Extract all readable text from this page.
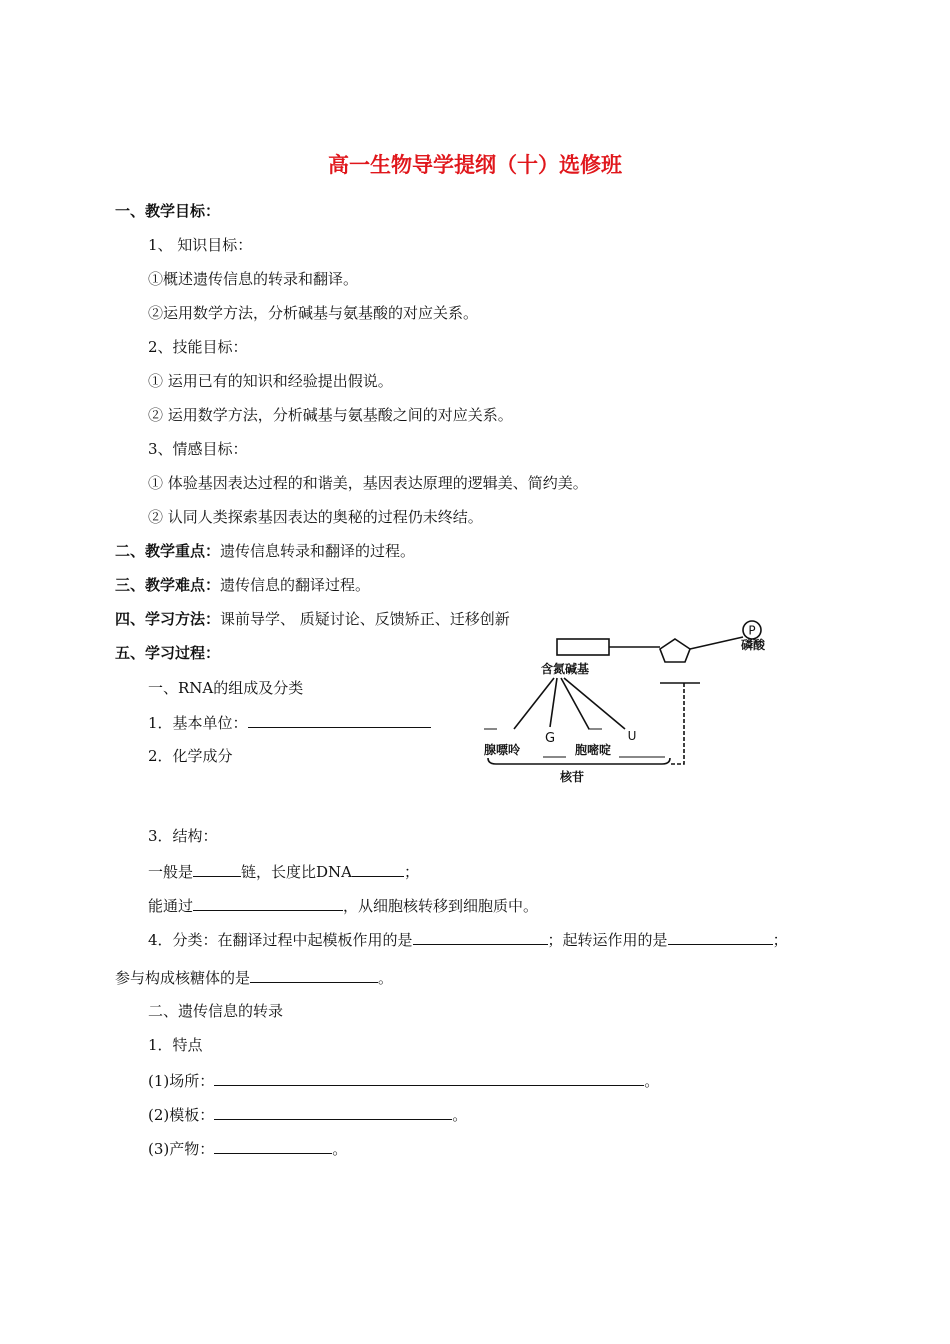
高一生物导学提纲（十）选修班
一、教学目标：
1、 知识目标：
①概述遗传信息的转录和翻译。
②运用数学方法，分析碱基与氨基酸的对应关系。
2、技能目标：
① 运用已有的知识和经验提出假说。
② 运用数学方法，分析碱基与氨基酸之间的对应关系。
3、情感目标：
① 体验基因表达过程的和谐美，基因表达原理的逻辑美、简约美。
② 认同人类探索基因表达的奥秘的过程仍未终结。
二、教学重点：遗传信息转录和翻译的过程。
三、教学难点：遗传信息的翻译过程。
四、学习方法：课前导学、 质疑讨论、反馈矫正、迁移创新
五、学习过程：
一、RNA的组成及分类
1．基本单位：
2．化学成分
3．结构：
一般是	链，长度比DNA	；
能通过	，从细胞核转移到细胞质中。
4．分类：在翻译过程中起模板作用的是	；起转运作用的是	；
参与构成核糖体的是	。
二、遗传信息的转录
1．特点
(1)场所：	。
(2)模板：	。
(3)产物：	。
P
磷酸
含氮碱基
G	U
腺嘌呤	胞嘧啶
核苷
